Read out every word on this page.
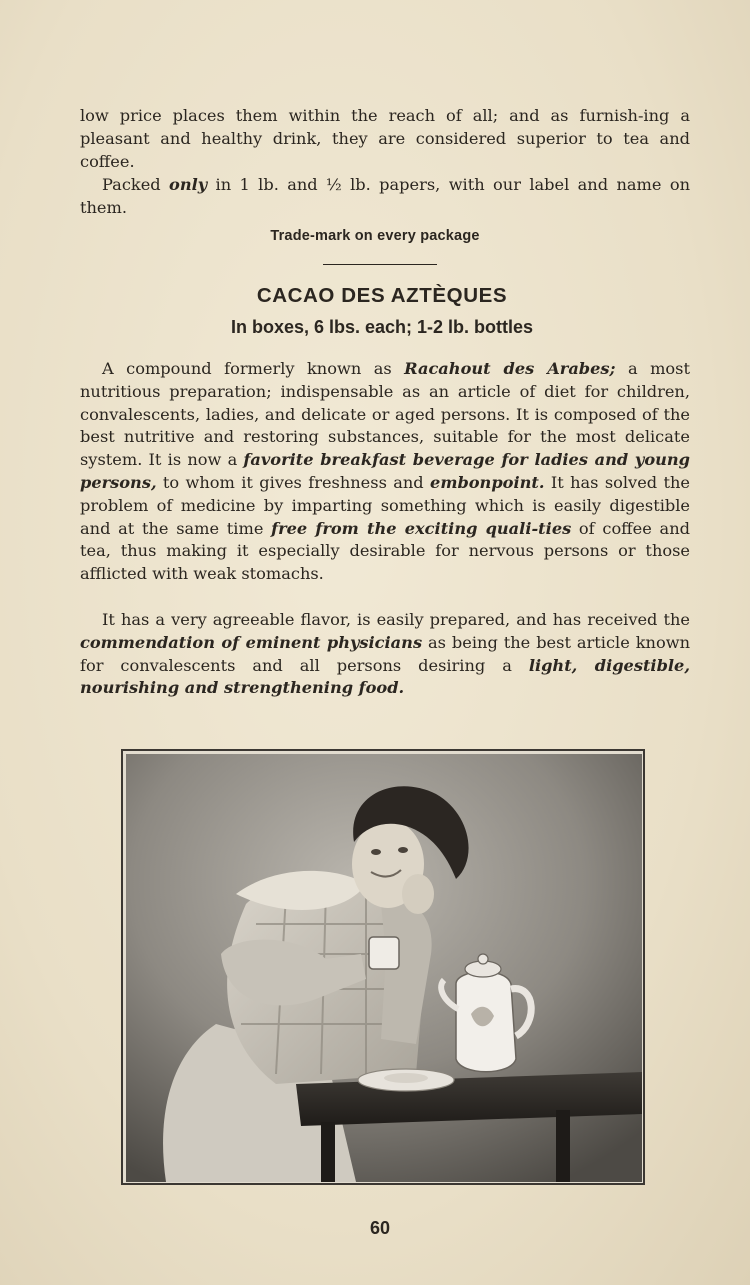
low price places them within the reach of all; and as furnish-ing a pleasant and healthy drink, they are considered superior to tea and coffee.

Packed only in 1 lb. and ½ lb. papers, with our label and name on them.

Trade-mark on every package
CACAO DES AZTÈQUES
In boxes, 6 lbs. each; 1-2 lb. bottles

A compound formerly known as Racahout des Arabes; a most nutritious preparation; indispensable as an article of diet for children, convalescents, ladies, and delicate or aged persons. It is composed of the best nutritive and restoring substances, suitable for the most delicate system. It is now a favorite breakfast beverage for ladies and young persons, to whom it gives freshness and embonpoint. It has solved the problem of medicine by imparting something which is easily digestible and at the same time free from the exciting quali-ties of coffee and tea, thus making it especially desirable for nervous persons or those afflicted with weak stomachs.

It has a very agreeable flavor, is easily prepared, and has received the commendation of eminent physicians as being the best article known for convalescents and all persons desiring a light, digestible, nourishing and strengthening food.

60
